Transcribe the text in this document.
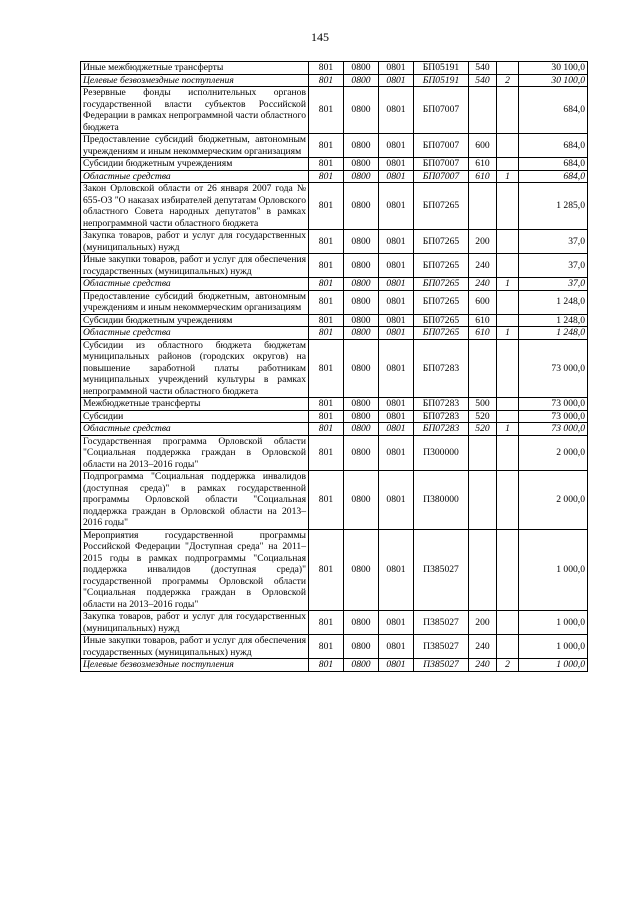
145
Иные межбюджетные трансферты	801	0800	0801	БП05191	540		30 100,0
Целевые безвозмездные поступления	801	0800	0801	БП05191	540	2	30 100,0
Резервные фонды исполнительных органов государственной власти субъектов Российской Федерации в рамках непрограммной части областного бюджета	801	0800	0801	БП07007			684,0
Предоставление субсидий бюджетным, автономным учреждениям и иным некоммерческим организациям	801	0800	0801	БП07007	600		684,0
Субсидии бюджетным учреждениям	801	0800	0801	БП07007	610		684,0
Областные средства	801	0800	0801	БП07007	610	1	684,0
Закон Орловской области от 26 января 2007 года № 655-ОЗ "О наказах избирателей депутатам Орловского областного Совета народных депутатов" в рамках непрограммной части областного бюджета	801	0800	0801	БП07265			1 285,0
Закупка товаров, работ и услуг для государственных (муниципальных) нужд	801	0800	0801	БП07265	200		37,0
Иные закупки товаров, работ и услуг для обеспечения государственных (муниципальных) нужд	801	0800	0801	БП07265	240		37,0
Областные средства	801	0800	0801	БП07265	240	1	37,0
Предоставление субсидий бюджетным, автономным учреждениям и иным некоммерческим организациям	801	0800	0801	БП07265	600		1 248,0
Субсидии бюджетным учреждениям	801	0800	0801	БП07265	610		1 248,0
Областные средства	801	0800	0801	БП07265	610	1	1 248,0
Субсидии из областного бюджета бюджетам муниципальных районов (городских округов) на повышение заработной платы работникам муниципальных учреждений культуры в рамках непрограммной части областного бюджета	801	0800	0801	БП07283			73 000,0
Межбюджетные трансферты	801	0800	0801	БП07283	500		73 000,0
Субсидии	801	0800	0801	БП07283	520		73 000,0
Областные средства	801	0800	0801	БП07283	520	1	73 000,0
Государственная программа Орловской области "Социальная поддержка граждан в Орловской области на 2013–2016 годы"	801	0800	0801	П300000			2 000,0
Подпрограмма "Социальная поддержка инвалидов (доступная среда)" в рамках государственной программы Орловской области "Социальная поддержка граждан в Орловской области на 2013–2016 годы"	801	0800	0801	П380000			2 000,0
Мероприятия государственной программы Российской Федерации "Доступная среда" на 2011–2015 годы в рамках подпрограммы "Социальная поддержка инвалидов (доступная среда)" государственной программы Орловской области "Социальная поддержка граждан в Орловской области на 2013–2016 годы"	801	0800	0801	П385027			1 000,0
Закупка товаров, работ и услуг для государственных (муниципальных) нужд	801	0800	0801	П385027	200		1 000,0
Иные закупки товаров, работ и услуг для обеспечения государственных (муниципальных) нужд	801	0800	0801	П385027	240		1 000,0
Целевые безвозмездные поступления	801	0800	0801	П385027	240	2	1 000,0
